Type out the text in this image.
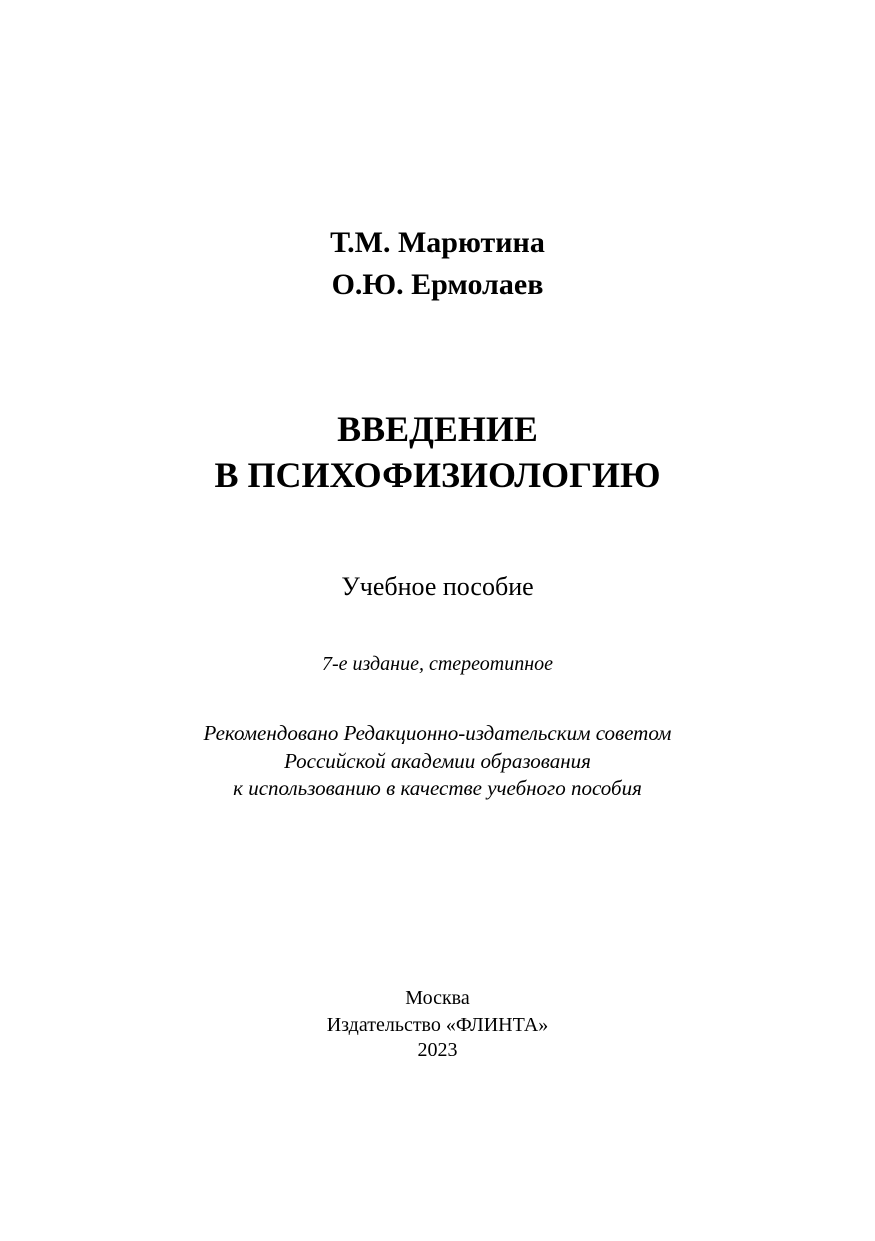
Т.М. Марютина

О.Ю. Ермолаев

ВВЕДЕНИЕ

В ПСИХОФИЗИОЛОГИЮ

Учебное пособие

7-е издание, стереотипное

Рекомендовано Редакционно-издательским советом

Российской академии образования

к использованию в качестве учебного пособия

Москва

Издательство «ФЛИНТА»

2023
